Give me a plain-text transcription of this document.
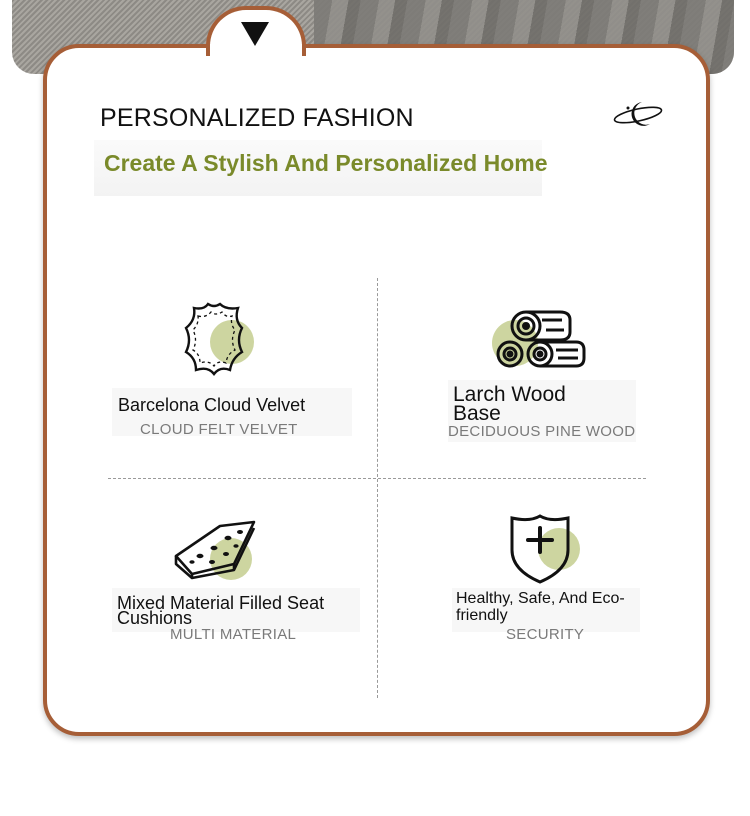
PERSONALIZED FASHION
Create A Stylish And Personalized Home
Barcelona Cloud Velvet
CLOUD FELT VELVET
Larch Wood Base
DECIDUOUS PINE WOOD
Mixed Material Filled Seat Cushions
MULTI MATERIAL
Healthy, Safe, And Eco-friendly
SECURITY
